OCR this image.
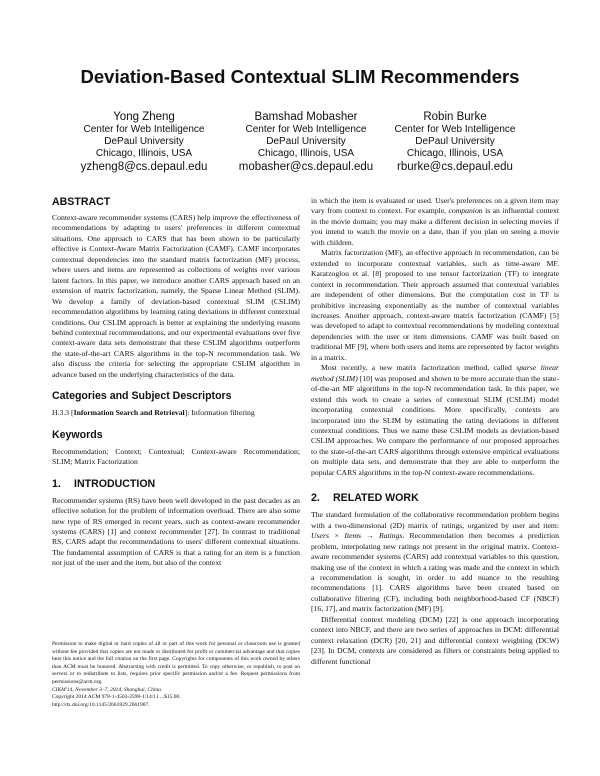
Deviation-Based Contextual SLIM Recommenders
Yong Zheng
Center for Web Intelligence
DePaul University
Chicago, Illinois, USA
yzheng8@cs.depaul.edu
Bamshad Mobasher
Center for Web Intelligence
DePaul University
Chicago, Illinois, USA
mobasher@cs.depaul.edu
Robin Burke
Center for Web Intelligence
DePaul University
Chicago, Illinois, USA
rburke@cs.depaul.edu
ABSTRACT

Context-aware recommender systems (CARS) help improve the effectiveness of recommendations by adapting to users' preferences in different contextual situations. One approach to CARS that has been shown to be particularly effective is Context-Aware Matrix Factorization (CAMF). CAMF incorporates contextual dependencies into the standard matrix factorization (MF) process, where users and items are represented as collections of weights over various latent factors. In this paper, we introduce another CARS approach based on an extension of matrix factorization, namely, the Sparse Linear Method (SLIM). We develop a family of deviation-based contextual SLIM (CSLIM) recommendation algorithms by learning rating deviations in different contextual conditions. Our CSLIM approach is better at explaining the underlying reasons behind contextual recommendations, and our experimental evaluations over five context-aware data sets demonstrate that these CSLIM algorithms outperform the state-of-the-art CARS algorithms in the top-N recommendation task. We also discuss the criteria for selecting the appropriate CSLIM algorithm in advance based on the underlying characteristics of the data.

Categories and Subject Descriptors

H.3.3 [Information Search and Retrieval]: Information filtering

Keywords

Recommendation; Context; Contextual; Context-aware Recommendation; SLIM; Matrix Factorization

1. INTRODUCTION

Recommender systems (RS) have been well developed in the past decades as an effective solution for the problem of information overload. There are also some new type of RS emerged in recent years, such as context-aware recommender systems (CARS) [1] and context recommender [27]. In contrast to traditional RS, CARS adapt the recommendations to users' different contextual situations. The fundamental assumption of CARS is that a rating for an item is a function not just of the user and the item, but also of the context

in which the item is evaluated or used. User's preferences on a given item may vary from context to context. For example, companion is an influential context in the movie domain; you may make a different decision in selecting movies if you intend to watch the movie on a date, than if you plan on seeing a movie with children.

Matrix factorization (MF), an effective approach in recommendation, can be extended to incorporate contextual variables, such as time-aware MF. Karatzoglou et al. [8] proposed to use tensor factorization (TF) to integrate context in recommendation. Their approach assumed that contextual variables are independent of other dimensions. But the computation cost in TF is prohibitive increasing exponentially as the number of contextual variables increases. Another approach, context-aware matrix factorization (CAMF) [5] was developed to adapt to contextual recommendations by modeling contextual dependencies with the user or item dimensions. CAMF was built based on traditional MF [9], where both users and items are represented by factor weights in a matrix.

Most recently, a new matrix factorization method, called sparse linear method (SLIM) [10] was proposed and shown to be more accurate than the state-of-the-art MF algorithms in the top-N recommendation task. In this paper, we extend this work to create a series of contextual SLIM (CSLIM) model incorporating contextual conditions. More specifically, contexts are incorporated into the SLIM by estimating the rating deviations in different contextual conditions. Thus we name these CSLIM models as deviation-based CSLIM approaches. We compare the performance of our proposed approaches to the state-of-the-art CARS algorithms through extensive empirical evaluations on multiple data sets, and demonstrate that they are able to outperform the popular CARS algorithms in the top-N context-aware recommendations.

2. RELATED WORK

The standard formulation of the collaborative recommendation problem begins with a two-dimensional (2D) matrix of ratings, organized by user and item: Users × Items → Ratings. Recommendation then becomes a prediction problem, interpolating new ratings not present in the original matrix. Context-aware recommender systems (CARS) add contextual variables to this question, making use of the context in which a rating was made and the context in which a recommendation is sought, in order to add nuance to the resulting recommendations [1]. CARS algorithms have been created based on collaborative filtering (CF), including both neighborhood-based CF (NBCF) [16, 17], and matrix factorization (MF) [9].

Differential context modeling (DCM) [22] is one approach incorporating context into NBCF, and there are two series of approaches in DCM: differential context relaxation (DCR) [20, 21] and differential context weighting (DCW) [23]. In DCM, contexts are considered as filters or constraints being applied to different functional

Permission to make digital or hard copies of all or part of this work for personal or classroom use is granted without fee provided that copies are not made or distributed for profit or commercial advantage and that copies bear this notice and the full citation on the first page. Copyrights for components of this work owned by others than ACM must be honored. Abstracting with credit is permitted. To copy otherwise, or republish, to post on servers or to redistribute to lists, requires prior specific permission and/or a fee. Request permissions from permissions@acm.org.

CIKM'14, November 3–7, 2014, Shanghai, China.

Copyright 2014 ACM 978-1-4503-2598-1/14/11 ...$15.00.

http://dx.doi.org/10.1145/2661829.2661987.
